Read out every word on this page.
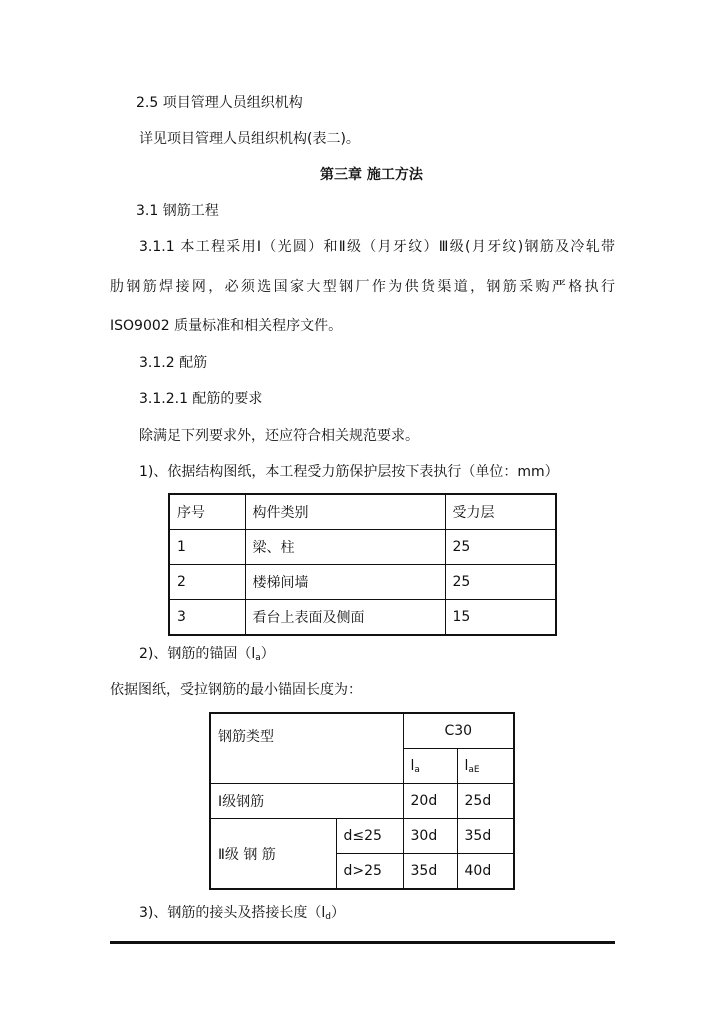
2.5 项目管理人员组织机构
详见项目管理人员组织机构(表二)。
第三章 施工方法
3.1 钢筋工程
3.1.1 本工程采用Ⅰ（光圆）和Ⅱ级（月牙纹）Ⅲ级(月牙纹)钢筋及冷轧带
肋钢筋焊接网，必须选国家大型钢厂作为供货渠道，钢筋采购严格执行
ISO9002 质量标准和相关程序文件。
3.1.2 配筋
3.1.2.1 配筋的要求
除满足下列要求外，还应符合相关规范要求。
1)、依据结构图纸，本工程受力筋保护层按下表执行（单位：mm）
序号	构件类别	受力层
1	梁、柱	25
2	楼梯间墙	25
3	看台上表面及侧面	15
2)、钢筋的锚固$(l_a)$
依据图纸，受拉钢筋的最小锚固长度为：
钢筋类型		C30	
		$l_a$	$l_{aE}$
Ⅰ级钢筋		20d	25d
Ⅱ级 钢 筋	d≤25	30d	35d
	d>25	35d	40d
3)、钢筋的接头及搭接长度$(l_d)$
